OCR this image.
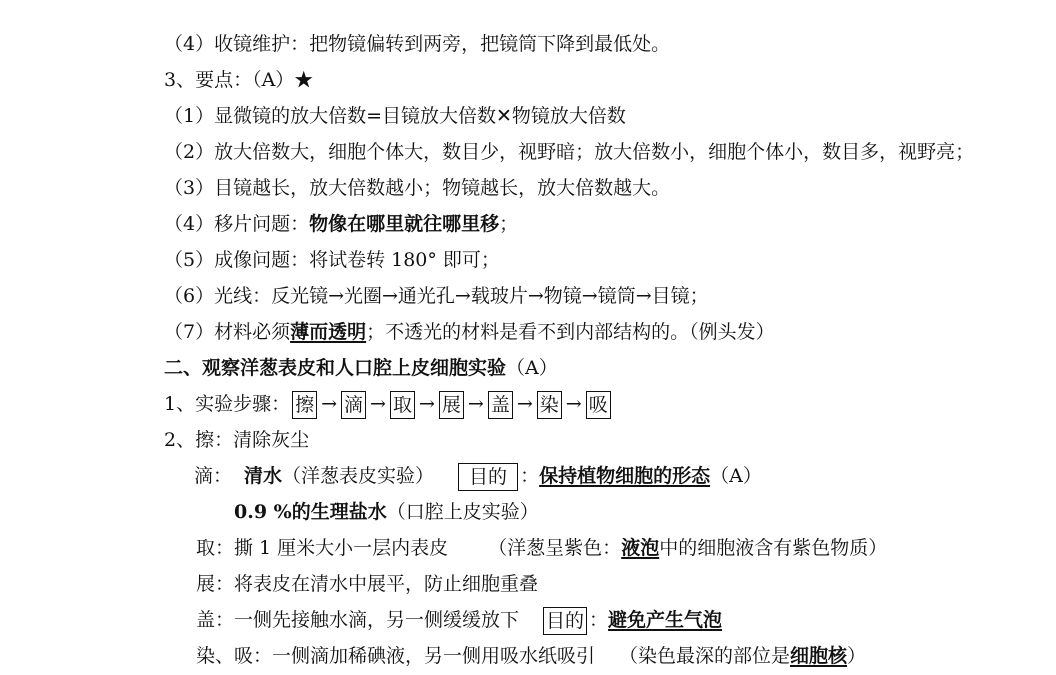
（4）收镜维护：把物镜偏转到两旁，把镜筒下降到最低处。
3、要点：（A）★
（1）显微镜的放大倍数=目镜放大倍数✕物镜放大倍数
（2）放大倍数大，细胞个体大，数目少，视野暗；放大倍数小，细胞个体小，数目多，视野亮；
（3）目镜越长，放大倍数越小；物镜越长，放大倍数越大。
（4）移片问题：物像在哪里就往哪里移；
（5）成像问题：将试卷转 180° 即可；
（6）光线：反光镜→光圈→通光孔→载玻片→物镜→镜筒→目镜；
（7）材料必须薄而透明；不透光的材料是看不到内部结构的。（例头发）
二、观察洋葱表皮和人口腔上皮细胞实验（A）
1、实验步骤： 擦 → 滴 → 取 → 展 → 盖 → 染 → 吸
2、擦：清除灰尘
滴： 清水（洋葱表皮实验） 目的 ：保持植物细胞的形态（A）
0.9 %的生理盐水（口腔上皮实验）
取：撕 1 厘米大小一层内表皮 （洋葱呈紫色：液泡中的细胞液含有紫色物质）
展：将表皮在清水中展平，防止细胞重叠
盖：一侧先接触水滴，另一侧缓缓放下 目的 ：避免产生气泡
染、吸：一侧滴加稀碘液，另一侧用吸水纸吸引 （染色最深的部位是细胞核）
